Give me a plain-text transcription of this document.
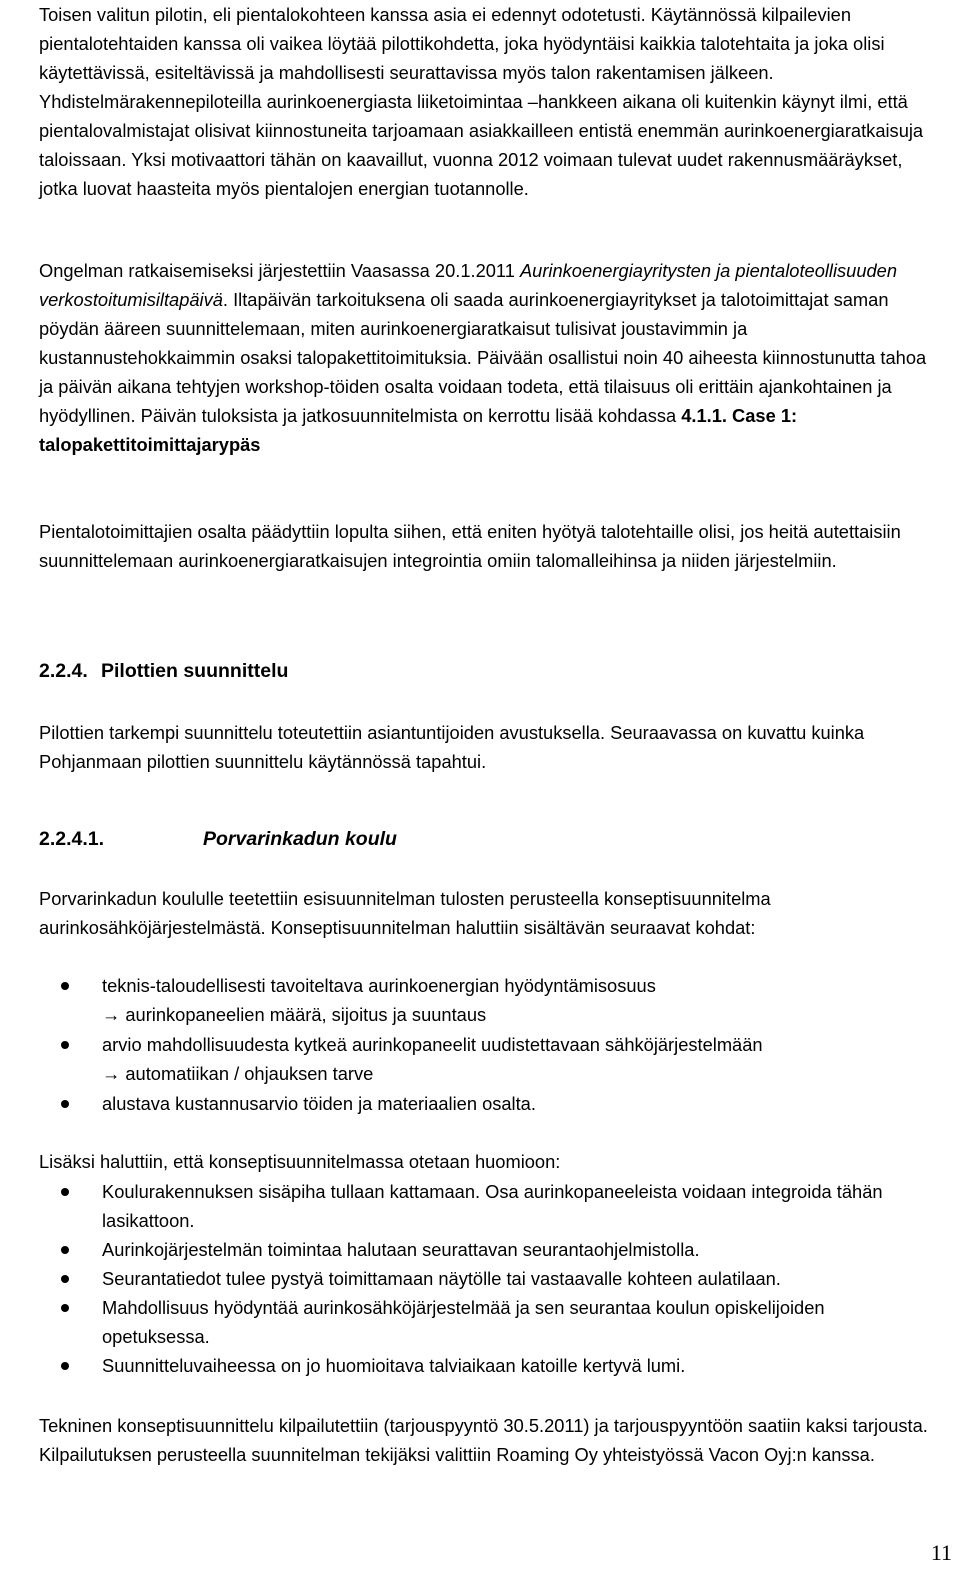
Toisen valitun pilotin, eli pientalokohteen kanssa asia ei edennyt odotetusti. Käytännössä kilpailevien pientalotehtaiden kanssa oli vaikea löytää pilottikohdetta, joka hyödyntäisi kaikkia talotehtaita ja joka olisi käytettävissä, esiteltävissä ja mahdollisesti seurattavissa myös talon rakentamisen jälkeen. Yhdistelmärakennepiloteilla aurinkoenergiasta liiketoimintaa –hankkeen aikana oli kuitenkin käynyt ilmi, että pientalovalmistajat olisivat kiinnostuneita tarjoamaan asiakkailleen entistä enemmän aurinkoenergiaratkaisuja taloissaan. Yksi motivaattori tähän on kaavaillut, vuonna 2012 voimaan tulevat uudet rakennusmääräykset, jotka luovat haasteita myös pientalojen energian tuotannolle.

Ongelman ratkaisemiseksi järjestettiin Vaasassa 20.1.2011 Aurinkoenergiayritysten ja pientaloteollisuuden verkostoitumisiltapäivä. Iltapäivän tarkoituksena oli saada aurinkoenergiayritykset ja talotoimittajat saman pöydän ääreen suunnittelemaan, miten aurinkoenergiaratkaisut tulisivat joustavimmin ja kustannustehokkaimmin osaksi talopakettitoimituksia. Päivään osallistui noin 40 aiheesta kiinnostunutta tahoa ja päivän aikana tehtyjen workshop-töiden osalta voidaan todeta, että tilaisuus oli erittäin ajankohtainen ja hyödyllinen. Päivän tuloksista ja jatkosuunnitelmista on kerrottu lisää kohdassa 4.1.1. Case 1: talopakettitoimittajarypäs

Pientalotoimittajien osalta päädyttiin lopulta siihen, että eniten hyötyä talotehtaille olisi, jos heitä autettaisiin suunnittelemaan aurinkoenergiaratkaisujen integrointia omiin talomalleihinsa ja niiden järjestelmiin.

2.2.4. Pilottien suunnittelu

Pilottien tarkempi suunnittelu toteutettiin asiantuntijoiden avustuksella. Seuraavassa on kuvattu kuinka Pohjanmaan pilottien suunnittelu käytännössä tapahtui.

2.2.4.1.	Porvarinkadun koulu

Porvarinkadun koululle teetettiin esisuunnitelman tulosten perusteella konseptisuunnitelma aurinkosähköjärjestelmästä. Konseptisuunnitelman haluttiin sisältävän seuraavat kohdat:

teknis-taloudellisesti tavoiteltava aurinkoenergian hyödyntämisosuus
→ aurinkopaneelien määrä, sijoitus ja suuntaus
arvio mahdollisuudesta kytkeä aurinkopaneelit uudistettavaan sähköjärjestelmään
→ automatiikan / ohjauksen tarve
alustava kustannusarvio töiden ja materiaalien osalta.

Lisäksi haluttiin, että konseptisuunnitelmassa otetaan huomioon:

Koulurakennuksen sisäpiha tullaan kattamaan. Osa aurinkopaneeleista voidaan integroida tähän lasikattoon.
Aurinkojärjestelmän toimintaa halutaan seurattavan seurantaohjelmistolla.
Seurantatiedot tulee pystyä toimittamaan näytölle tai vastaavalle kohteen aulatilaan.
Mahdollisuus hyödyntää aurinkosähköjärjestelmää ja sen seurantaa koulun opiskelijoiden opetuksessa.
Suunnitteluvaiheessa on jo huomioitava talviaikaan katoille kertyvä lumi.

Tekninen konseptisuunnittelu kilpailutettiin (tarjouspyyntö 30.5.2011) ja tarjouspyyntöön saatiin kaksi tarjousta. Kilpailutuksen perusteella suunnitelman tekijäksi valittiin Roaming Oy yhteistyössä Vacon Oyj:n kanssa.

11
